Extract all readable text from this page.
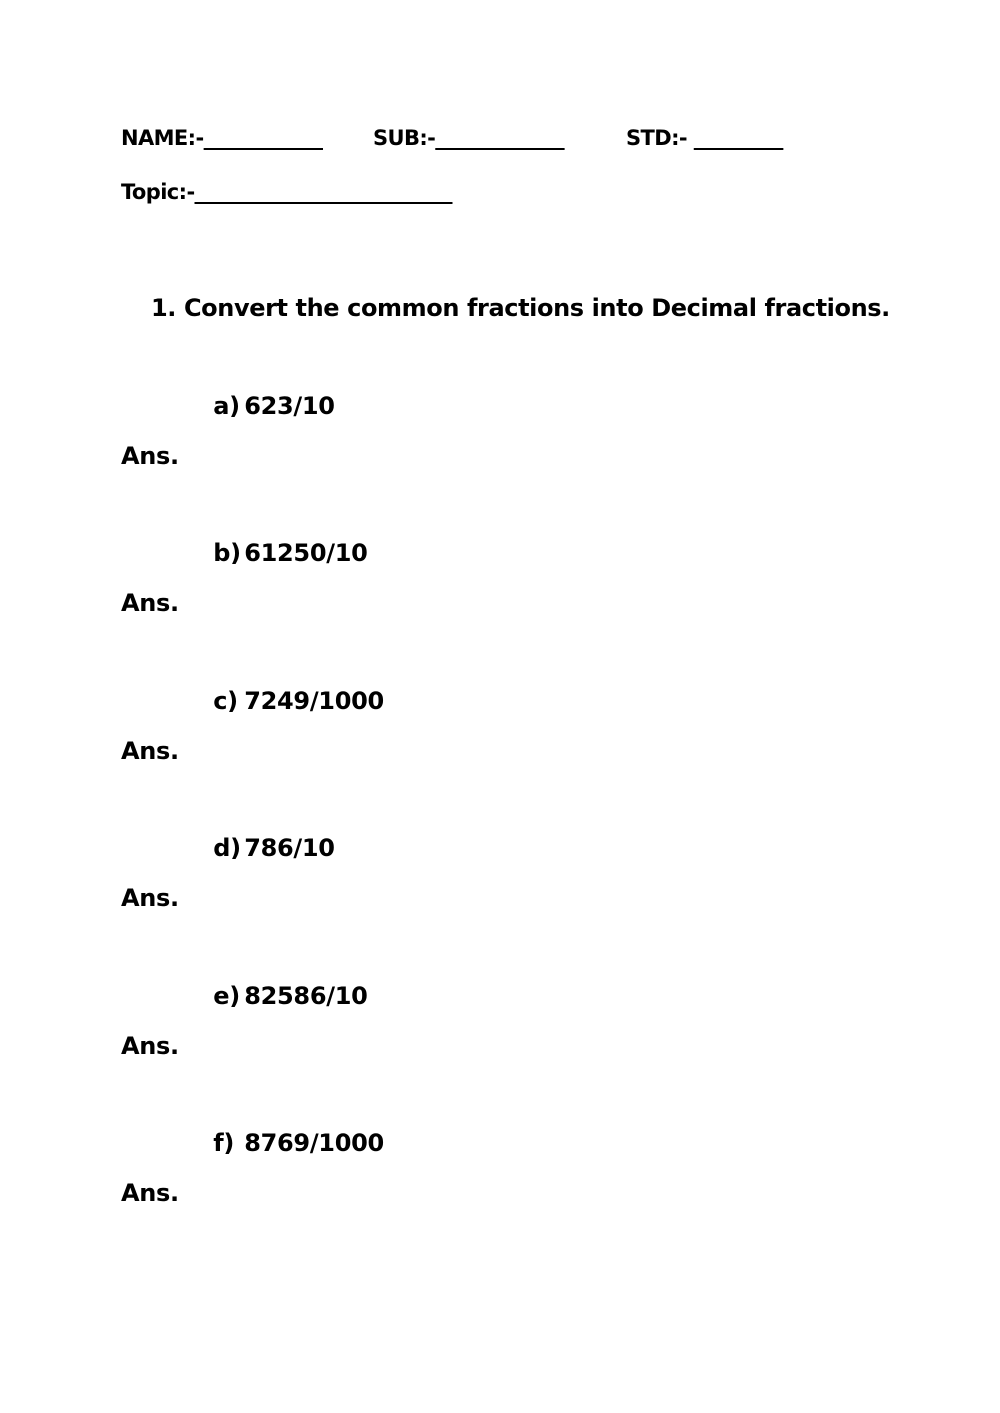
NAME:-____________ SUB:-_____________	STD:- _________
Topic:-__________________________
1. Convert the common fractions into Decimal fractions.

a) 623/10

Ans.

b) 61250/10

Ans.

c) 7249/1000

Ans.

d) 786/10

Ans.

e) 82586/10

Ans.

f) 8769/1000

Ans.
